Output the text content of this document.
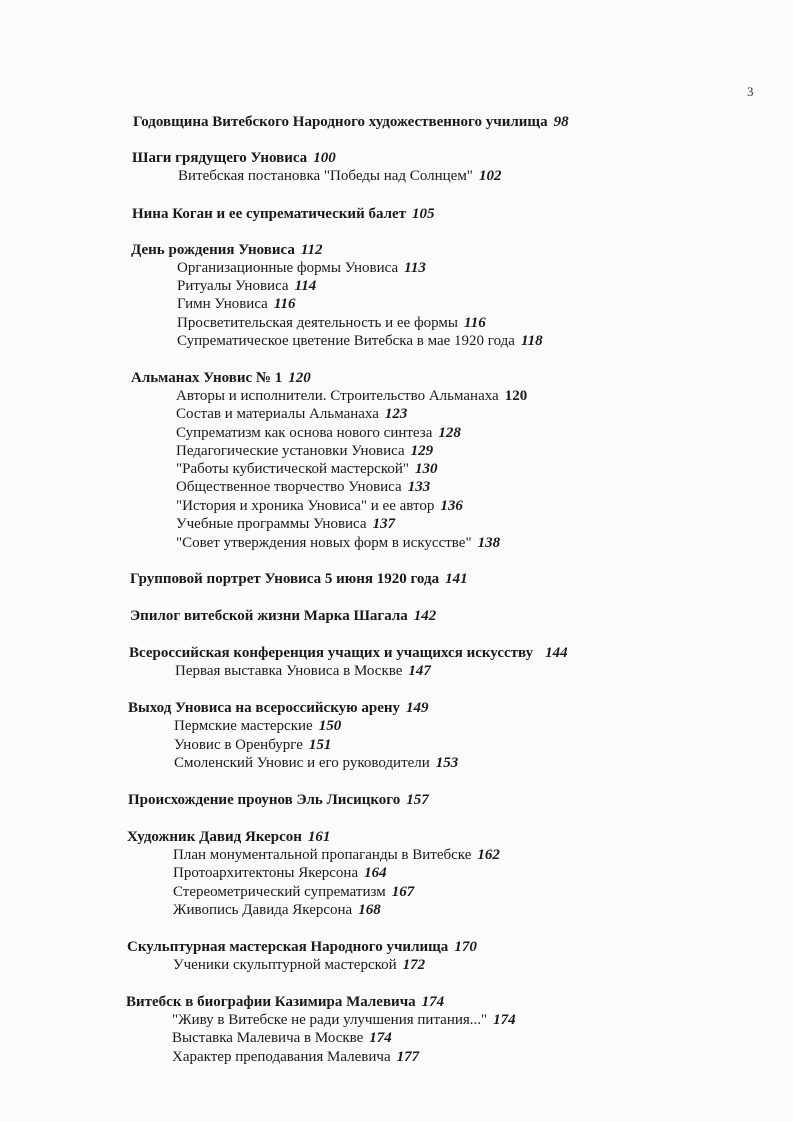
3
Годовщина Витебского Народного художественного училища 98
Шаги грядущего Уновиса 100
Витебская постановка "Победы над Солнцем" 102
Нина Коган и ее супрематический балет 105
День рождения Уновиса 112
Организационные формы Уновиса 113
Ритуалы Уновиса 114
Гимн Уновиса 116
Просветительская деятельность и ее формы 116
Супрематическое цветение Витебска в мае 1920 года 118
Альманах Уновис № 1 120
Авторы и исполнители. Строительство Альманаха 120
Состав и материалы Альманаха 123
Супрематизм как основа нового синтеза 128
Педагогические установки Уновиса 129
"Работы кубистической мастерской" 130
Общественное творчество Уновиса 133
"История и хроника Уновиса" и ее автор 136
Учебные программы Уновиса 137
"Совет утверждения новых форм в искусстве" 138
Групповой портрет Уновиса 5 июня 1920 года 141
Эпилог витебской жизни Марка Шагала 142
Всероссийская конференция учащих и учащихся искусству 144
Первая выставка Уновиса в Москве 147
Выход Уновиса на всероссийскую арену 149
Пермские мастерские 150
Уновис в Оренбурге 151
Смоленский Уновис и его руководители 153
Происхождение проунов Эль Лисицкого 157
Художник Давид Якерсон 161
План монументальной пропаганды в Витебске 162
Протоархитектоны Якерсона 164
Стереометрический супрематизм 167
Живопись Давида Якерсона 168
Скульптурная мастерская Народного училища 170
Ученики скульптурной мастерской 172
Витебск в биографии Казимира Малевича 174
"Живу в Витебске не ради улучшения питания..." 174
Выставка Малевича в Москве 174
Характер преподавания Малевича 177
